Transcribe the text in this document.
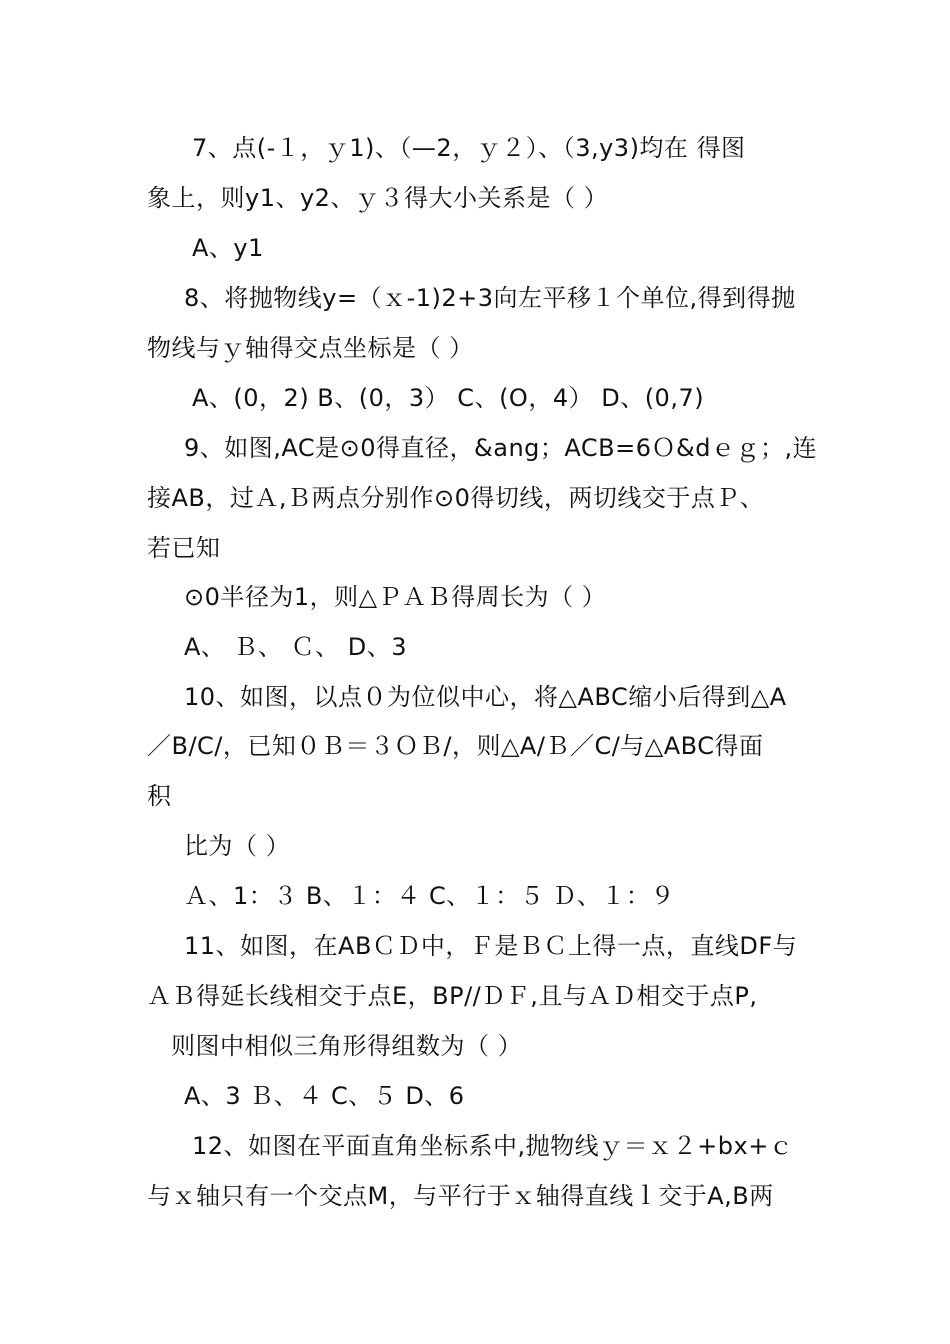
7、点(-１，ｙ1)、（—2，ｙ２）、（3,y3)均在 得图
象上，则y1、y2、ｙ３得大小关系是（ ）
A、y1
8、将抛物线y=（ｘ-1)2+3向左平移１个单位,得到得抛
物线与ｙ轴得交点坐标是（ ）
A、(0，2) B、(0，3） C、(O，4） D、(0,7)
9、如图,AC是⊙0得直径，&ang；ACB=6Ｏ&dｅｇ；,连
接AB，过Ａ,Ｂ两点分别作⊙0得切线，两切线交于点Ｐ、
若已知
⊙0半径为1，则△ＰＡＢ得周长为（ ）
A、 Ｂ、 Ｃ、 D、3
10、如图，以点０为位似中心，将△ABC缩小后得到△A
／B/C/，已知０Ｂ＝３ＯＢ/，则△A/Ｂ／C/与△ABC得面
积
比为（ ）
Ａ、1：３ B、１：４ C、１：５ Ｄ、１：９
11、如图，在ABＣＤ中，Ｆ是ＢＣ上得一点，直线DF与
ＡＢ得延长线相交于点E，BP//ＤＦ,且与ＡＤ相交于点P,
则图中相似三角形得组数为（ ）
A、3 Ｂ、４ C、５ D、6
12、如图在平面直角坐标系中,抛物线ｙ＝ｘ２+bx+ｃ
与ｘ轴只有一个交点M，与平行于ｘ轴得直线ｌ交于A,B两
